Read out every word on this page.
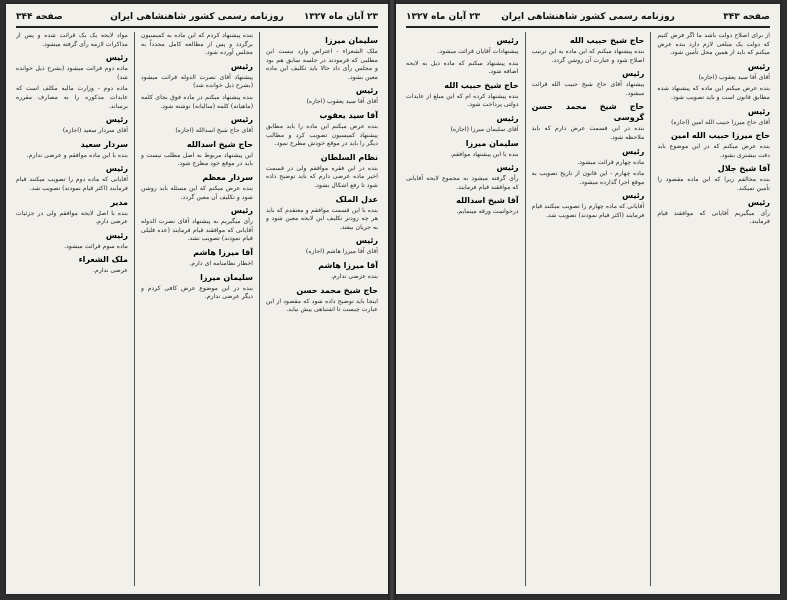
۲۳ آبان ماه ۱۳۲۷
روزنامه رسمی کشور شاهنشاهی ایران
صفحه ۳۴۴
سلیمان میرزا

ملک الشعراء - اعتراض وارد نیست این مطلبی که فرمودند در جلسه سابق هم بود و مجلس رأی داد حالا باید تکلیف این ماده معین بشود.

رئیس

آقای آقا سید یعقوب (اجازه)

آقا سید یعقوب

بنده عرض میکنم این ماده را باید مطابق پیشنهاد کمیسیون تصویب کرد و مطالب دیگر را باید در موقع خودش مطرح نمود.

نظام السلطان

بنده در این فقره موافقم ولی در قسمت اخیر ماده عرضی دارم که باید توضیح داده شود تا رفع اشکال بشود.

عدل الملک

بنده با این قسمت موافقم و معتقدم که باید هر چه زودتر تکلیف این لایحه معین شود و به جریان بیفتد.

رئیس

آقای آقا میرزا هاشم (اجازه)

آقا میرزا هاشم

بنده عرضی ندارم.

حاج شیخ محمد حسن

اینجا باید توضیح داده شود که مقصود از این عبارت چیست تا اشتباهی پیش نیاید.

بنده پیشنهاد کردم که این ماده به کمیسیون برگردد و پس از مطالعه کامل مجدداً به مجلس آورده شود.

رئیس

پیشنهاد آقای نصرت الدوله قرائت میشود (بشرح ذیل خوانده شد)

بنده پیشنهاد میکنم در ماده فوق بجای کلمه (ماهیانه) کلمه (سالیانه) نوشته شود.

رئیس

آقای حاج شیخ اسدالله (اجازه)

حاج شیخ اسدالله

این پیشنهاد مربوط به اصل مطلب نیست و باید در موقع خود مطرح شود.

سردار معظم

بنده عرض میکنم که این مسئله باید روشن شود و تکلیف آن معین گردد.

رئیس

رأی میگیریم به پیشنهاد آقای نصرت الدوله آقایانی که موافقند قیام فرمایند (عده قلیلی قیام نمودند) تصویب نشد.

آقا میرزا هاشم

اخطار نظامنامه ای دارم.

سلیمان میرزا

بنده در این موضوع عرض کافی کردم و دیگر عرضی ندارم.

مواد لایحه یک یک قرائت شده و پس از مذاکرات لازمه رأی گرفته میشود.

رئیس

ماده دوم قرائت میشود (بشرح ذیل خوانده شد)

ماده دوم - وزارت مالیه مکلف است که عایدات مذکوره را به مصارف مقرره برساند.

رئیس

آقای سردار سعید (اجازه)

سردار سعید

بنده با این ماده موافقم و عرضی ندارم.

رئیس

آقایانی که ماده دوم را تصویب میکنند قیام فرمایند (اکثر قیام نمودند) تصویب شد.

مدیر

بنده با اصل لایحه موافقم ولی در جزئیات عرضی دارم.

رئیس

ماده سوم قرائت میشود.

ملک الشعراء

عرضی ندارم.

صفحه ۳۴۳
روزنامه رسمی کشور شاهنشاهی ایران
۲۳ آبان ماه ۱۳۲۷

از برای اصلاح دولت باشد ما اگر فرض کنیم که دولت یک مبلغی لازم دارد بنده عرض میکنم که باید از همین محل تأمین شود.

رئیس

آقای آقا سید یعقوب (اجازه)

بنده عرض میکنم این ماده که پیشنهاد شده مطابق قانون است و باید تصویب شود.

رئیس

آقای حاج میرزا حبیب الله امین (اجازه)

حاج میرزا حبیب الله امین

بنده عرض میکنم که در این موضوع باید دقت بیشتری بشود.

آقا شیخ جلال

بنده مخالفم زیرا که این ماده مقصود را تأمین نمیکند.

رئیس

رأی میگیریم آقایانی که موافقند قیام فرمایند.

حاج شیخ حبیب الله

بنده پیشنهاد میکنم که این ماده به این ترتیب اصلاح شود و عبارت آن روشن گردد.

رئیس

پیشنهاد آقای حاج شیخ حبیب الله قرائت میشود.

حاج شیخ محمد حسن گروسی

بنده در این قسمت عرض دارم که باید ملاحظه شود.

رئیس

ماده چهارم قرائت میشود.

ماده چهارم - این قانون از تاریخ تصویب به موقع اجرا گذارده میشود.

رئیس

آقایانی که ماده چهارم را تصویب میکنند قیام فرمایند (اکثر قیام نمودند) تصویب شد.

رئیس

پیشنهادات آقایان قرائت میشود.

بنده پیشنهاد میکنم که ماده ذیل به لایحه اضافه شود.

حاج شیخ حبیب الله

بنده پیشنهاد کرده ام که این مبلغ از عایدات دولتی پرداخت شود.

رئیس

آقای سلیمان میرزا (اجازه)

سلیمان میرزا

بنده با این پیشنهاد موافقم.

رئیس

رأی گرفته میشود به مجموع لایحه آقایانی که موافقند قیام فرمایند.

آقا شیخ اسدالله

درخواست ورقه مینمایم.
